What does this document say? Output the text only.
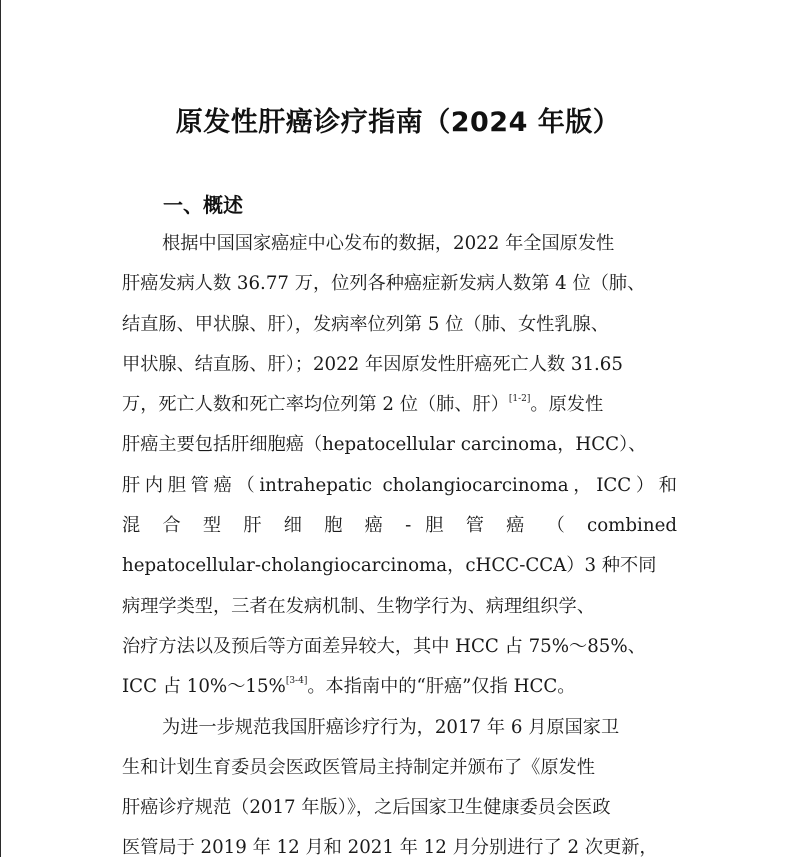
原发性肝癌诊疗指南（2024 年版）
一、概述
根据中国国家癌症中心发布的数据，2022 年全国原发性
肝癌发病人数 36.77 万，位列各种癌症新发病人数第 4 位（肺、
结直肠、甲状腺、肝），发病率位列第 5 位（肺、女性乳腺、
甲状腺、结直肠、肝）；2022 年因原发性肝癌死亡人数 31.65
万，死亡人数和死亡率均位列第 2 位（肺、肝）[1-2]。原发性
肝癌主要包括肝细胞癌（hepatocellular carcinoma，HCC）、
肝内胆管癌（intrahepatic cholangiocarcinoma，ICC）和
混 合 型 肝 细 胞 癌 - 胆 管 癌 （ combined
hepatocellular-cholangiocarcinoma，cHCC-CCA）3 种不同
病理学类型，三者在发病机制、生物学行为、病理组织学、
治疗方法以及预后等方面差异较大，其中 HCC 占 75%～85%、
ICC 占 10%～15%[3-4]。本指南中的“肝癌”仅指 HCC。
为进一步规范我国肝癌诊疗行为，2017 年 6 月原国家卫
生和计划生育委员会医政医管局主持制定并颁布了《原发性
肝癌诊疗规范（2017 年版）》，之后国家卫生健康委员会医政
医管局于 2019 年 12 月和 2021 年 12 月分别进行了 2 次更新，
